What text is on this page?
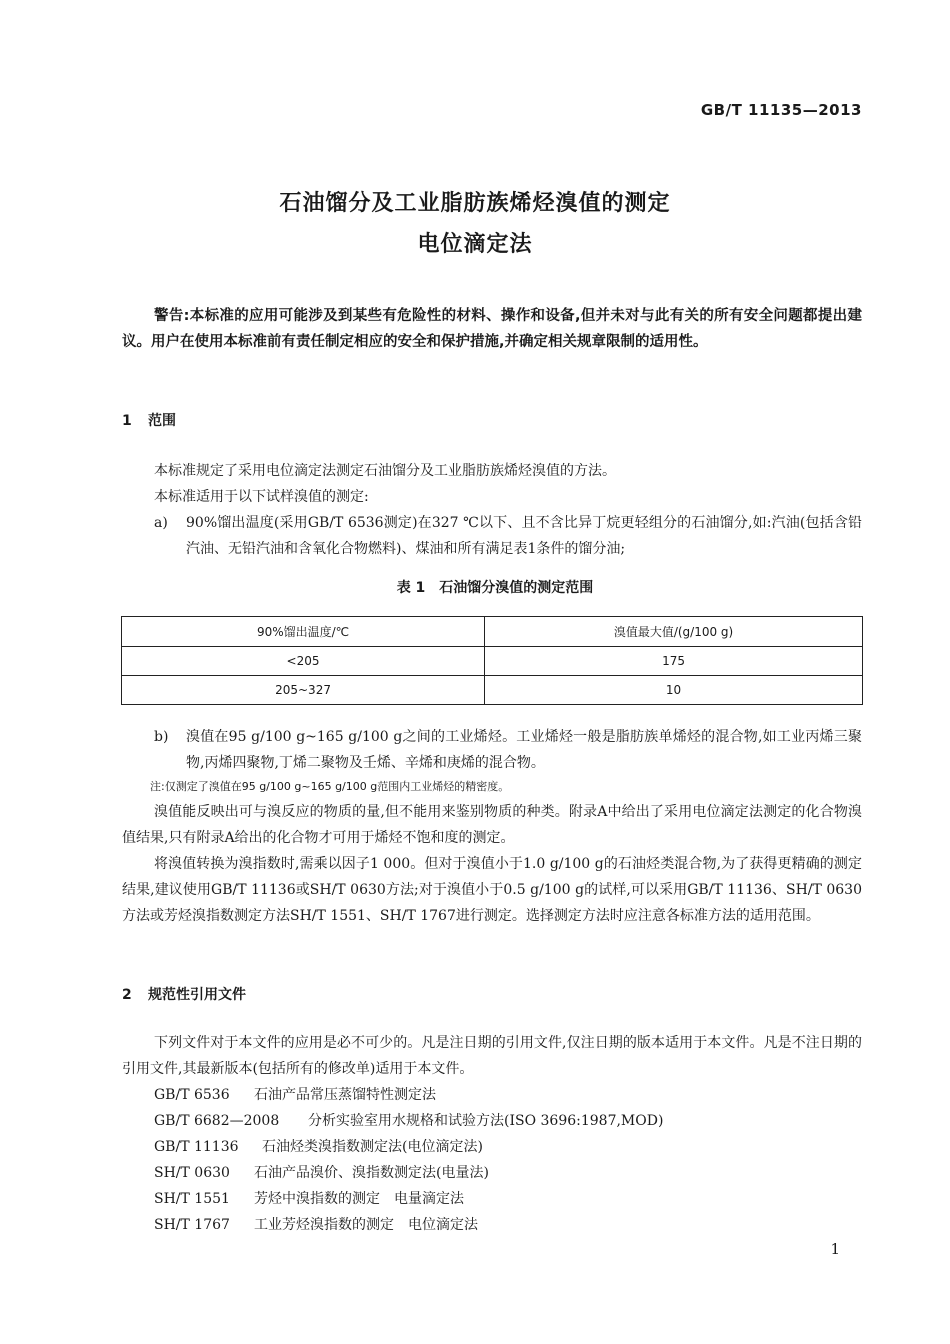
GB/T 11135—2013
石油馏分及工业脂肪族烯烃溴值的测定
电位滴定法
警告:本标准的应用可能涉及到某些有危险性的材料、操作和设备,但并未对与此有关的所有安全问题都提出建议。用户在使用本标准前有责任制定相应的安全和保护措施,并确定相关规章限制的适用性。
1 范围
本标准规定了采用电位滴定法测定石油馏分及工业脂肪族烯烃溴值的方法。
本标准适用于以下试样溴值的测定:
a) 90%馏出温度(采用GB/T 6536测定)在327 ℃以下、且不含比异丁烷更轻组分的石油馏分,如:汽油(包括含铅汽油、无铅汽油和含氧化合物燃料)、煤油和所有满足表1条件的馏分油;
表 1　石油馏分溴值的测定范围
90%馏出温度/℃	溴值最大值/(g/100 g)
<205	175
205~327	10
b) 溴值在95 g/100 g~165 g/100 g之间的工业烯烃。工业烯烃一般是脂肪族单烯烃的混合物,如工业丙烯三聚物,丙烯四聚物,丁烯二聚物及壬烯、辛烯和庚烯的混合物。
注:仅测定了溴值在95 g/100 g~165 g/100 g范围内工业烯烃的精密度。
溴值能反映出可与溴反应的物质的量,但不能用来鉴别物质的种类。附录A中给出了采用电位滴定法测定的化合物溴值结果,只有附录A给出的化合物才可用于烯烃不饱和度的测定。
将溴值转换为溴指数时,需乘以因子1 000。但对于溴值小于1.0 g/100 g的石油烃类混合物,为了获得更精确的测定结果,建议使用GB/T 11136或SH/T 0630方法;对于溴值小于0.5 g/100 g的试样,可以采用GB/T 11136、SH/T 0630方法或芳烃溴指数测定方法SH/T 1551、SH/T 1767进行测定。选择测定方法时应注意各标准方法的适用范围。
2 规范性引用文件
下列文件对于本文件的应用是必不可少的。凡是注日期的引用文件,仅注日期的版本适用于本文件。凡是不注日期的引用文件,其最新版本(包括所有的修改单)适用于本文件。
GB/T 6536 石油产品常压蒸馏特性测定法
GB/T 6682—2008 分析实验室用水规格和试验方法(ISO 3696:1987,MOD)
GB/T 11136 石油烃类溴指数测定法(电位滴定法)
SH/T 0630 石油产品溴价、溴指数测定法(电量法)
SH/T 1551 芳烃中溴指数的测定　电量滴定法
SH/T 1767 工业芳烃溴指数的测定　电位滴定法
1
